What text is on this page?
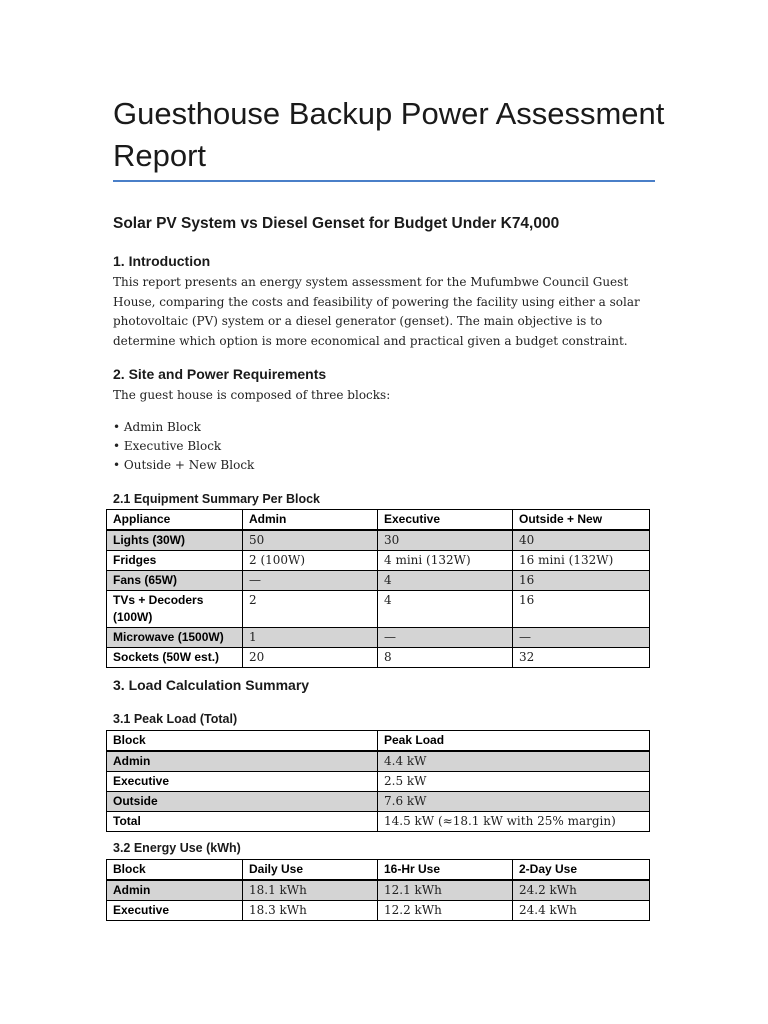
Guesthouse Backup Power Assessment Report
Solar PV System vs Diesel Genset for Budget Under K74,000
1. Introduction

This report presents an energy system assessment for the Mufumbwe Council Guest House, comparing the costs and feasibility of powering the facility using either a solar photovoltaic (PV) system or a diesel generator (genset). The main objective is to determine which option is more economical and practical given a budget constraint.

2. Site and Power Requirements

The guest house is composed of three blocks:

• Admin Block
• Executive Block
• Outside + New Block
2.1 Equipment Summary Per Block
Appliance	Admin	Executive	Outside + New
Lights (30W)	50	30	40
Fridges	2 (100W)	4 mini (132W)	16 mini (132W)
Fans (65W)	—	4	16
TVs + Decoders (100W)	2	4	16
Microwave (1500W)	1	—	—
Sockets (50W est.)	20	8	32
3. Load Calculation Summary
3.1 Peak Load (Total)
Block	Peak Load
Admin	4.4 kW
Executive	2.5 kW
Outside	7.6 kW
Total	14.5 kW (≈18.1 kW with 25% margin)
3.2 Energy Use (kWh)
Block	Daily Use	16-Hr Use	2-Day Use
Admin	18.1 kWh	12.1 kWh	24.2 kWh
Executive	18.3 kWh	12.2 kWh	24.4 kWh
